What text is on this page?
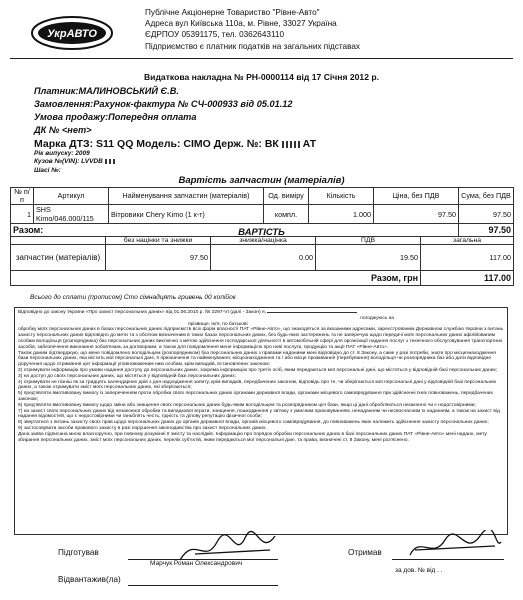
УкрАВТО
Публічне Акціонерне Товариство "Рівне-Авто"
Адреса вул Київська 110а, м. Рівне, 33027 Україна
ЄДРПОУ 05391175, тел. 0362643110
Підприємство є платник податків на загальних підставах
Видаткова накладна № РН-0000114 від 17 Січня 2012 р.
Платник:МАЛИНОВСЬКИЙ Є.В.
Замовлення:Рахунок-фактура № СЧ-000933 від 05.01.12
Умова продажу:Попередня оплата
ДК № <нет>
Марка ДТЗ: S11 QQ Модель: CIMO Держ. №: ВК АТ
Рік випуску: 2009
Кузов №(VIN): LVVDB
Шасі №:
Вартість запчастин (матеріалів)
№ п/п	Артикул	Найменування запчастин (матеріалів)	Од. виміру	Кількість	Ціна, без ПДВ	Сума, без ПДВ
1	SHS Kimo/046.000/115	Вітровики Chery Kimo (1 к-т)	компл.	1.000	97.50	97.50
Разом:						97.50
ВАРТІСТЬ
	без націнки та знижки	знижка/націнка	ПДВ	загальна
запчастин (матеріалів)	97.50	0.00	19.50	117.00
Разом, грн				117.00
Всього до сплати (прописом) Сто сімнадцять гривень 00 копійок

Відповідно до закону України «Про захист персональних даних» від 01.06.2010 р. № 2297-VI (далі - Закон) я,

погоджуюсь на

прізвище, ім'я, по батькові

обробку моїх персональних даних в базах персональних даних підприємств всіх форм власності ПАТ «Рівне-Авто», що знаходяться за вказаними адресами, зареєстрованим Державною службою України з питань захисту персональних даних відповідно до мети та з обсягом визначеним в таких базах персональних даних, без будь-яких застережень та не заперечую щодо передачі моїх персональних даних афілійованим особам володільця (розпорядника) баз персональних даних виключно з метою здійснення господарської діяльності в автомобільній сфері для організації надання послуг з технічного обслуговування транспортних засобів, забезпечення виконання зобов'язань за договорами, а також для повідомлення мене інформацією про нові послуги, продукцію та акції ПАТ «Рівне-Авто».

Також даним підтверджую, що мене повідомлено володільцем (розпорядником) баз персональних даних з правами наданими мені відповідно до ст. 8 Закону, а саме у разі потреби, знати про місцезнаходження бази персональних даних, яка містить мої персональні дані, її призначення та найменування, місцезнаходження та / або місце проживання (перебування) володільця чи розпорядника баз або дати відповідне доручення щодо отримання цієї інформації уповноваженим ним особам, крім випадків, встановлених законом;

2) отримувати інформацію про умови надання доступу до персональних даних, зокрема інформацію про третіх осіб, яким передаються мої персональні дані, що містяться у відповідній базі персональних даних;

3) на доступ до своїх персональних даних, що містяться у відповідній базі персональних даних;

4) отримувати не пізніш як за тридцять календарних днів з дня надходження запиту, крім випадків, передбачених законом, відповідь про те, чи зберігаються мої персональні дані у відповідній базі персональних даних, а також отримувати зміст моїх персональних даних, які зберігаються;

5) пред'являти вмотивовану вимогу із запереченням проти обробки своїх персональних даних органами державної влади, органами місцевого самоврядування при здійсненні їхніх повноважень, передбачених законом;

6) пред'являти вмотивовану вимогу щодо зміни або знищення своїх персональних даних будь-яким володільцем та розпорядником цієї бази, якщо ці дані обробляються незаконно чи є недостовірними;

7) на захист своїх персональних даних від незаконної обробки та випадкової втрати, знищення, пошкодження у зв'язку з умисним приховуванням, ненаданням чи несвоєчасним їх наданням, а також на захист від надання відомостей, що є недостовірними чи ганьблять честь, гідність та ділову репутацію фізичної особи;

8) звертатися з питань захисту своїх прав щодо персональних даних до органів державної влади, органів місцевого самоврядування, до повноважень яких належить здійснення захисту персональних даних;

9) застосовувати засоби правового захисту в разі порушення законодавства про захист персональних даних.

Дана заява підписана мною власноручно, при повному розумінні її змісту та наслідків. Інформацію про порядок обробки персональних даних в базі персональних даних ПАТ «Рівне-Авто» мені надано, мету збирання персональних даних, зміст моїх персональних даних, перелік суб'єктів, яким передаються мої персональні дані, та права, визначені ст. 8 Закону, мені роз'яснено.

Підготував
Марчук Роман Олександрович
Отримав
за дов. № від . .
Відвантажив(ла)
